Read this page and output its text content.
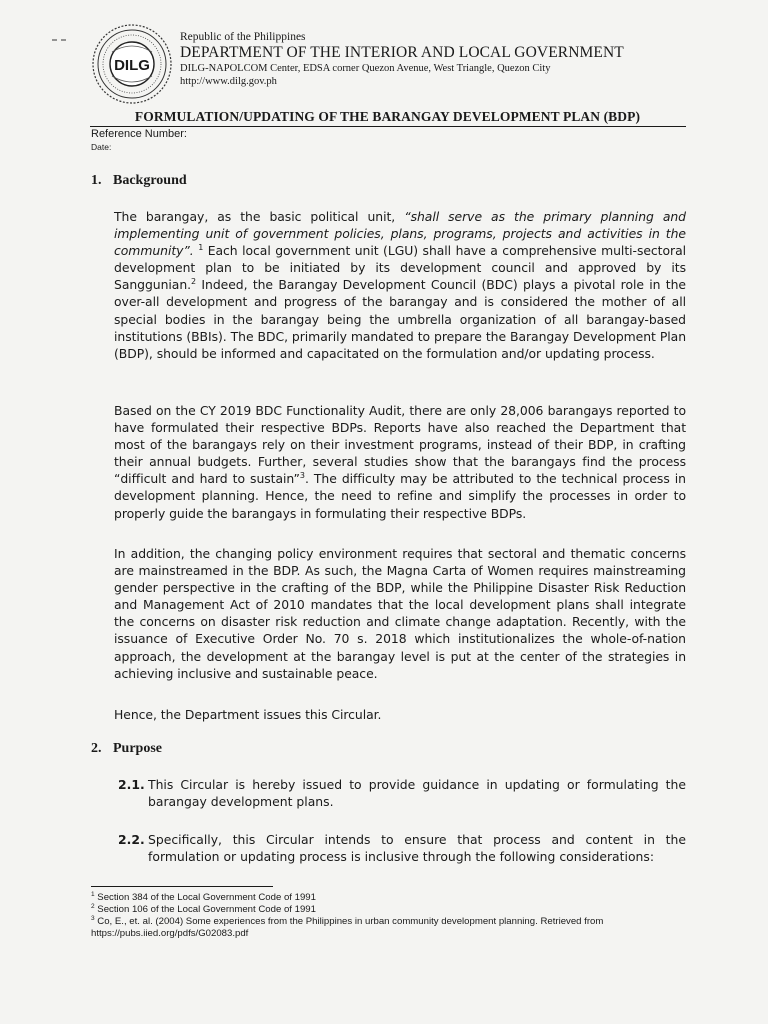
DILG
Republic of the Philippines
DEPARTMENT OF THE INTERIOR AND LOCAL GOVERNMENT
DILG-NAPOLCOM Center, EDSA corner Quezon Avenue, West Triangle, Quezon City
http://www.dilg.gov.ph
FORMULATION/UPDATING OF THE BARANGAY DEVELOPMENT PLAN (BDP)
Reference Number:
Date:
1. Background
The barangay, as the basic political unit, “shall serve as the primary planning and implementing unit of government policies, plans, programs, projects and activities in the community”. $^1$ Each local government unit (LGU) shall have a comprehensive multi-sectoral development plan to be initiated by its development council and approved by its Sanggunian.$^2$ Indeed, the Barangay Development Council (BDC) plays a pivotal role in the over-all development and progress of the barangay and is considered the mother of all special bodies in the barangay being the umbrella organization of all barangay-based institutions (BBIs). The BDC, primarily mandated to prepare the Barangay Development Plan (BDP), should be informed and capacitated on the formulation and/or updating process.
Based on the CY 2019 BDC Functionality Audit, there are only 28,006 barangays reported to have formulated their respective BDPs. Reports have also reached the Department that most of the barangays rely on their investment programs, instead of their BDP, in crafting their annual budgets. Further, several studies show that the barangays find the process “difficult and hard to sustain”$^3$. The difficulty may be attributed to the technical process in development planning. Hence, the need to refine and simplify the processes in order to properly guide the barangays in formulating their respective BDPs.
In addition, the changing policy environment requires that sectoral and thematic concerns are mainstreamed in the BDP. As such, the Magna Carta of Women requires mainstreaming gender perspective in the crafting of the BDP, while the Philippine Disaster Risk Reduction and Management Act of 2010 mandates that the local development plans shall integrate the concerns on disaster risk reduction and climate change adaptation. Recently, with the issuance of Executive Order No. 70 s. 2018 which institutionalizes the whole-of-nation approach, the development at the barangay level is put at the center of the strategies in achieving inclusive and sustainable peace.
Hence, the Department issues this Circular.
2. Purpose
2.1. This Circular is hereby issued to provide guidance in updating or formulating the barangay development plans.
2.2. Specifically, this Circular intends to ensure that process and content in the formulation or updating process is inclusive through the following considerations:
$^1$ Section 384 of the Local Government Code of 1991
$^2$ Section 106 of the Local Government Code of 1991
$^3$ Co, E., et. al. (2004) Some experiences from the Philippines in urban community development planning. Retrieved from https://pubs.iied.org/pdfs/G02083.pdf
